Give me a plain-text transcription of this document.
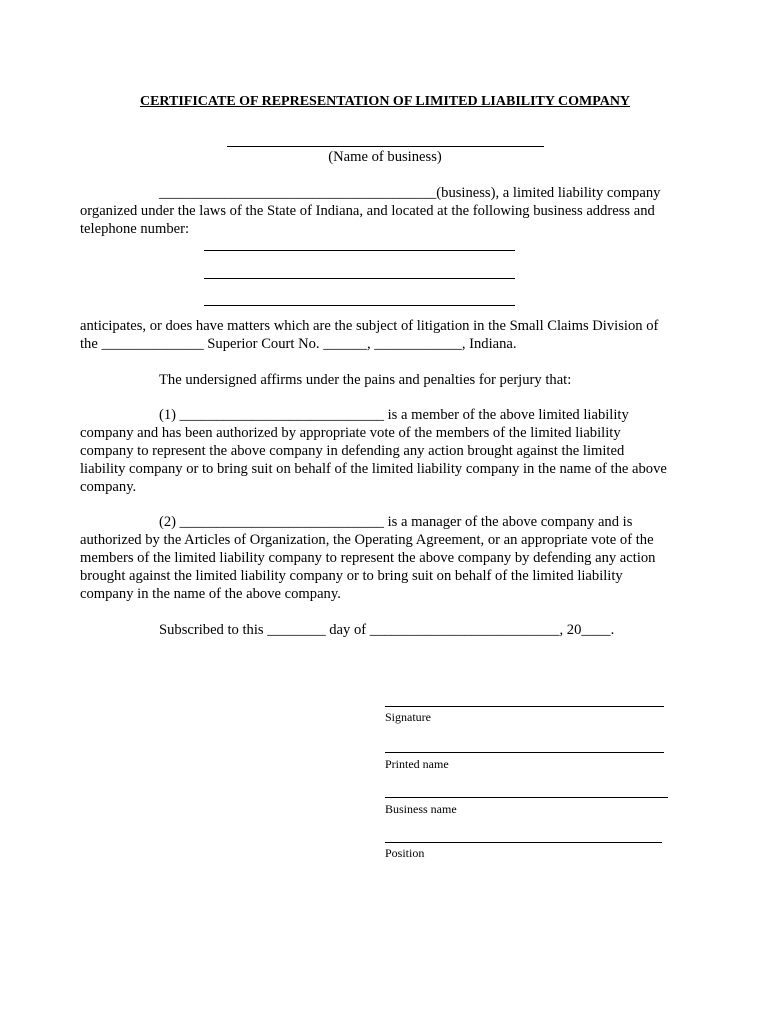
CERTIFICATE OF REPRESENTATION OF LIMITED LIABILITY COMPANY
(Name of business)
______________________________________(business), a limited liability company
organized under the laws of the State of Indiana, and located at the following business address and
telephone number:
anticipates, or does have matters which are the subject of litigation in the Small Claims Division of
the ______________ Superior Court No. ______, ____________, Indiana.
The undersigned affirms under the pains and penalties for perjury that:
(1) ____________________________ is a member of the above limited liability
company and has been authorized by appropriate vote of the members of the limited liability
company to represent the above company in defending any action brought against the limited
liability company or to bring suit on behalf of the limited liability company in the name of the above
company.
(2) ____________________________ is a manager of the above company and is
authorized by the Articles of Organization, the Operating Agreement, or an appropriate vote of the
members of the limited liability company to represent the above company by defending any action
brought against the limited liability company or to bring suit on behalf of the limited liability
company in the name of the above company.
Subscribed to this ________ day of __________________________, 20____.
Signature
Printed name
Business name
Position
